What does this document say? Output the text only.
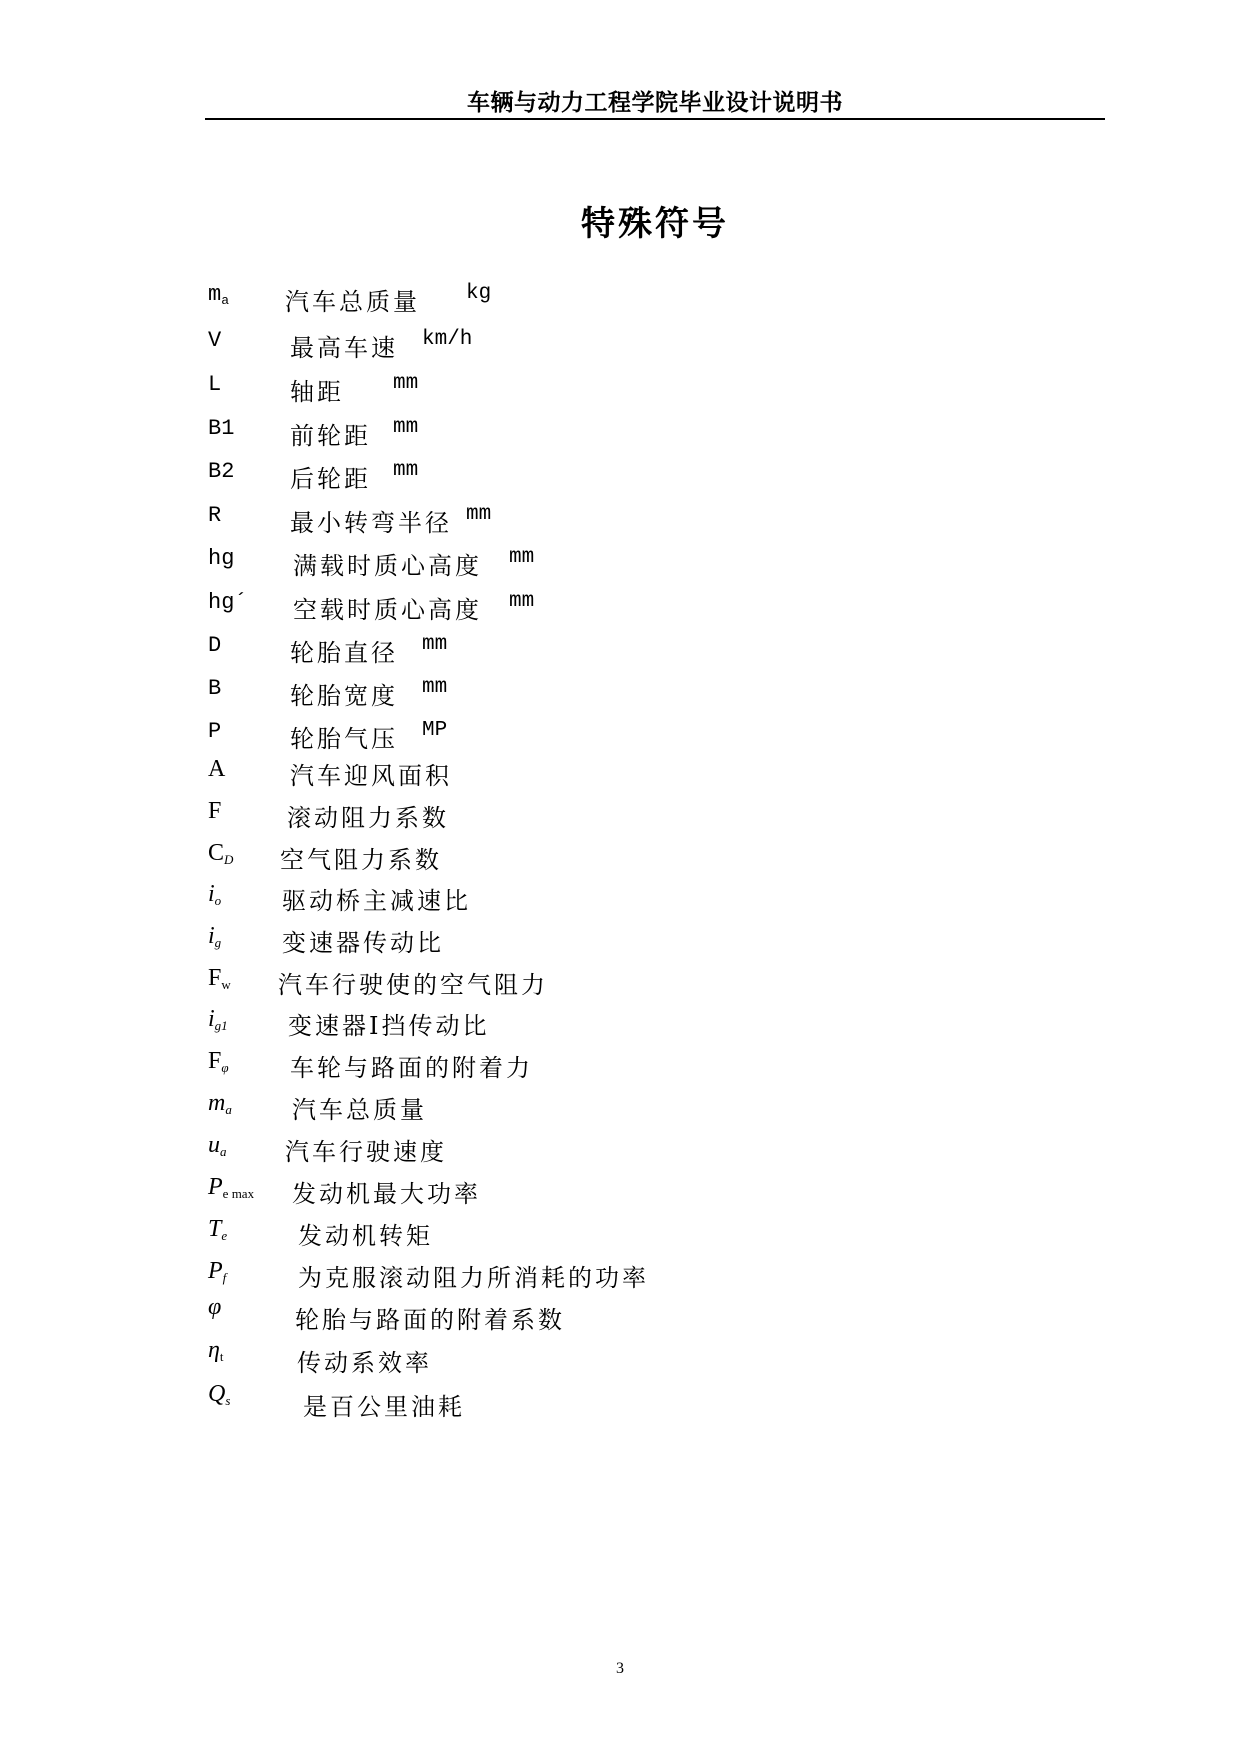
车辆与动力工程学院毕业设计说明书
特殊符号
$m_a$ 汽车总质量 kg
V	最高车速 km/h
L	轴距 mm
B1 前轮距 mm
B2 后轮距 mm
R	最小转弯半径 mm
hg 满载时质心高度 mm
hg´ 空载时质心高度 mm
D	轮胎直径 mm
B	轮胎宽度 mm
P	轮胎气压 MP
A	汽车迎风面积
F	滚动阻力系数
$C_D$ 空气阻力系数
$i_o$	驱动桥主减速比
$i_g$	变速器传动比
$F_w$ 汽车行驶使的空气阻力
$i_{g1}$	变速器Ⅰ挡传动比
$F_\varphi$	车轮与路面的附着力
$m_a$	汽车总质量
$u_a$ 汽车行驶速度
$P_{e max}$ 发动机最大功率
$T_e$	发动机转矩
$P_f$	为克服滚动阻力所消耗的功率
φ	轮胎与路面的附着系数
$\eta_t$	传动系效率
$Q_s$	是百公里油耗
3
